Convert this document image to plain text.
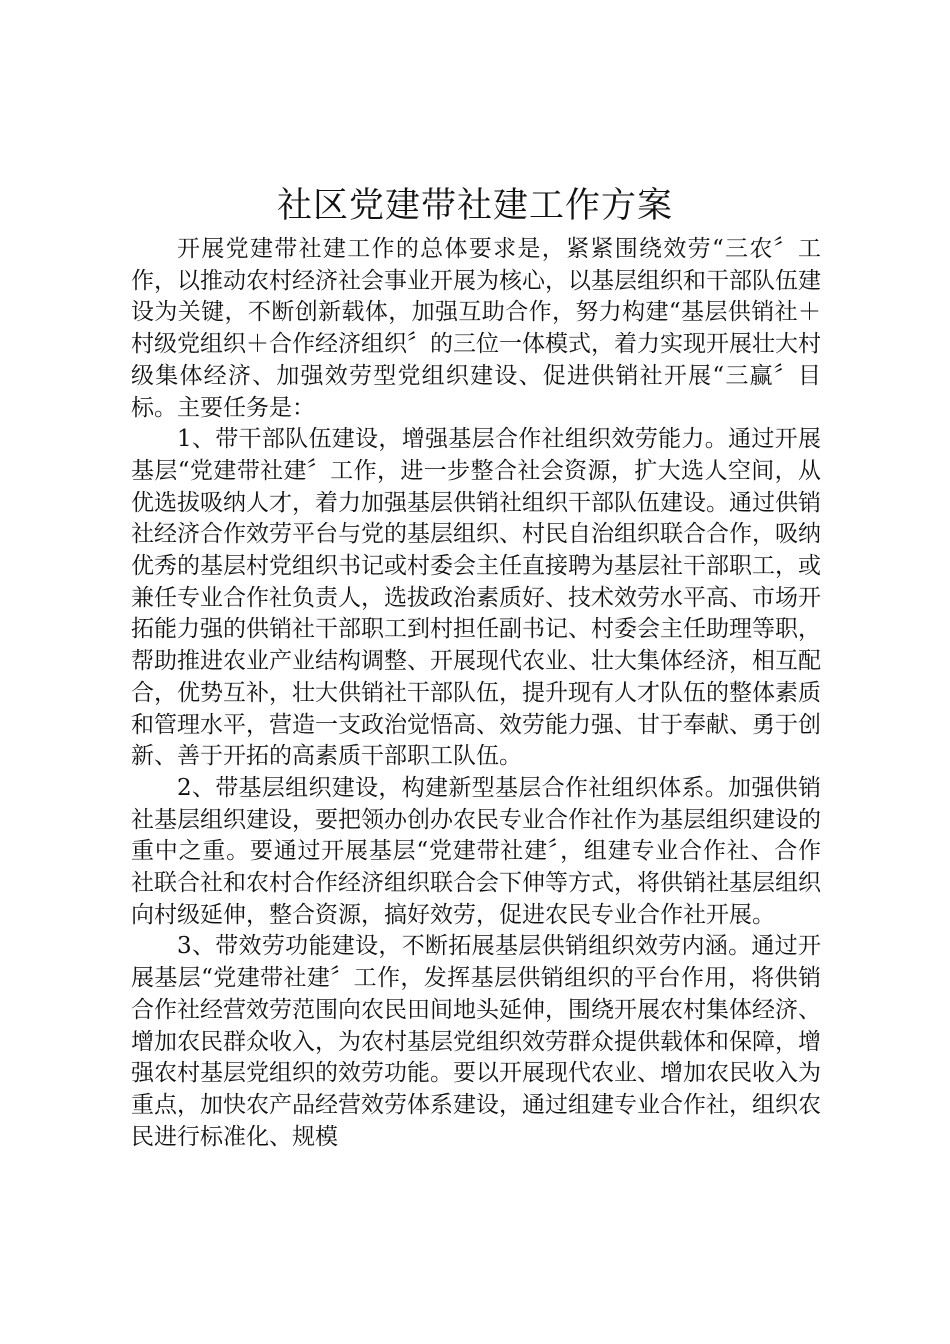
社区党建带社建工作方案

开展党建带社建工作的总体要求是，紧紧围绕效劳“三农〞工作，以推动农村经济社会事业开展为核心，以基层组织和干部队伍建设为关键，不断创新载体，加强互助合作，努力构建“基层供销社＋村级党组织＋合作经济组织〞的三位一体模式，着力实现开展壮大村级集体经济、加强效劳型党组织建设、促进供销社开展“三赢〞目标。主要任务是：

1、带干部队伍建设，增强基层合作社组织效劳能力。通过开展基层“党建带社建〞工作，进一步整合社会资源，扩大选人空间，从优选拔吸纳人才，着力加强基层供销社组织干部队伍建设。通过供销社经济合作效劳平台与党的基层组织、村民自治组织联合合作，吸纳优秀的基层村党组织书记或村委会主任直接聘为基层社干部职工，或兼任专业合作社负责人，选拔政治素质好、技术效劳水平高、市场开拓能力强的供销社干部职工到村担任副书记、村委会主任助理等职，帮助推进农业产业结构调整、开展现代农业、壮大集体经济，相互配合，优势互补，壮大供销社干部队伍，提升现有人才队伍的整体素质和管理水平，营造一支政治觉悟高、效劳能力强、甘于奉献、勇于创新、善于开拓的高素质干部职工队伍。

2、带基层组织建设，构建新型基层合作社组织体系。加强供销社基层组织建设，要把领办创办农民专业合作社作为基层组织建设的重中之重。要通过开展基层“党建带社建〞，组建专业合作社、合作社联合社和农村合作经济组织联合会下伸等方式，将供销社基层组织向村级延伸，整合资源，搞好效劳，促进农民专业合作社开展。

3、带效劳功能建设，不断拓展基层供销组织效劳内涵。通过开展基层“党建带社建〞工作，发挥基层供销组织的平台作用，将供销合作社经营效劳范围向农民田间地头延伸，围绕开展农村集体经济、增加农民群众收入，为农村基层党组织效劳群众提供载体和保障，增强农村基层党组织的效劳功能。要以开展现代农业、增加农民收入为重点，加快农产品经营效劳体系建设，通过组建专业合作社，组织农民进行标准化、规模
